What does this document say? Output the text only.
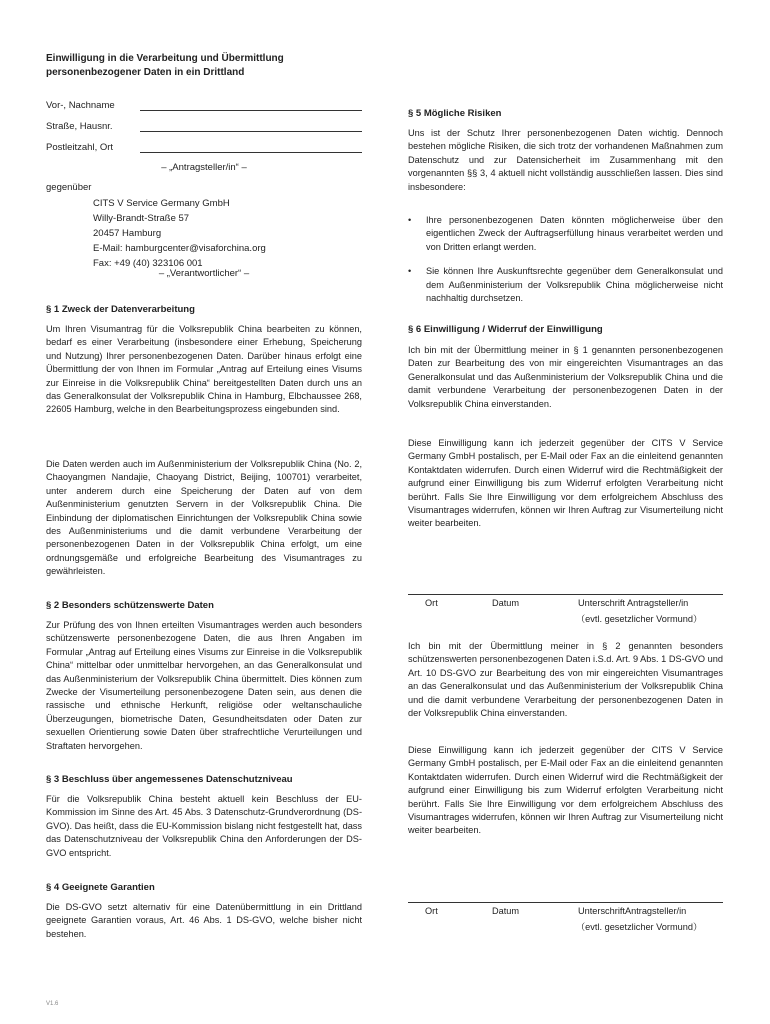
Einwilligung in die Verarbeitung und Übermittlung
personenbezogener Daten in ein Drittland
Vor-, Nachname
Straße, Hausnr.
Postleitzahl, Ort
– „Antragsteller/in“ –
gegenüber
CITS V Service Germany GmbH
Willy-Brandt-Straße 57
20457 Hamburg
E-Mail: hamburgcenter@visaforchina.org
Fax: +49 (40) 323106 001
– „Verantwortlicher“ –
§ 1 Zweck der Datenverarbeitung
Um Ihren Visumantrag für die Volksrepublik China bearbeiten zu können, bedarf es einer Verarbeitung (insbesondere einer Erhebung, Speicherung und Nutzung) Ihrer personenbezogenen Daten. Darüber hinaus erfolgt eine Übermittlung der von Ihnen im Formular „Antrag auf Erteilung eines Visums zur Einreise in die Volksrepublik China“ bereitgestellten Daten durch uns an das Generalkonsulat der Volksrepublik China in Hamburg, Elbchaussee 268, 22605 Hamburg, welche in den Bearbeitungsprozess eingebunden sind.
Die Daten werden auch im Außenministerium der Volksrepublik China (No. 2, Chaoyangmen Nandajie, Chaoyang District, Beijing, 100701) verarbeitet, unter anderem durch eine Speicherung der Daten auf von dem Außenministerium genutzten Servern in der Volksrepublik China. Die Einbindung der diplomatischen Einrichtungen der Volksrepublik China sowie des Außenministeriums und die damit verbundene Verarbeitung der personenbezogenen Daten in der Volksrepublik China erfolgt, um eine ordnungsgemäße und erfolgreiche Bearbeitung des Visumantrages zu gewährleisten.
§ 2 Besonders schützenswerte Daten
Zur Prüfung des von Ihnen erteilten Visumantrages werden auch besonders schützenswerte personenbezogene Daten, die aus Ihren Angaben im Formular „Antrag auf Erteilung eines Visums zur Einreise in die Volksrepublik China“ mittelbar oder unmittelbar hervorgehen, an das Generalkonsulat und das Außenministerium der Volksrepublik China übermittelt. Dies können zum Zwecke der Visumerteilung personenbezogene Daten sein, aus denen die rassische und ethnische Herkunft, religiöse oder weltanschauliche Überzeugungen, biometrische Daten, Gesundheitsdaten oder Daten zur sexuellen Orientierung sowie Daten über strafrechtliche Verurteilungen und Straftaten hervorgehen.
§ 3 Beschluss über angemessenes Datenschutzniveau
Für die Volksrepublik China besteht aktuell kein Beschluss der EU-Kommission im Sinne des Art. 45 Abs. 3 Datenschutz-Grundverordnung (DS-GVO). Das heißt, dass die EU-Kommission bislang nicht festgestellt hat, dass das Datenschutzniveau der Volksrepublik China den Anforderungen der DS-GVO entspricht.
§ 4 Geeignete Garantien
Die DS-GVO setzt alternativ für eine Datenübermittlung in ein Drittland geeignete Garantien voraus, Art. 46 Abs. 1 DS-GVO, welche bisher nicht bestehen.
V1.6
§ 5 Mögliche Risiken
Uns ist der Schutz Ihrer personenbezogenen Daten wichtig. Dennoch bestehen mögliche Risiken, die sich trotz der vorhandenen Maßnahmen zum Datenschutz und zur Datensicherheit im Zusammenhang mit den vorgenannten §§ 3, 4 aktuell nicht vollständig ausschließen lassen. Dies sind insbesondere:
• Ihre personenbezogenen Daten könnten möglicherweise über den eigentlichen Zweck der Auftragserfüllung hinaus verarbeitet werden und von Dritten erlangt werden.
• Sie können Ihre Auskunftsrechte gegenüber dem Generalkonsulat und dem Außenministerium der Volksrepublik China möglicherweise nicht nachhaltig durchsetzen.
§ 6 Einwilligung / Widerruf der Einwilligung
Ich bin mit der Übermittlung meiner in § 1 genannten personenbezogenen Daten zur Bearbeitung des von mir eingereichten Visumantrages an das Generalkonsulat und das Außenministerium der Volksrepublik China und die damit verbundene Verarbeitung der personenbezogenen Daten in der Volksrepublik China einverstanden.
Diese Einwilligung kann ich jederzeit gegenüber der CITS V Service Germany GmbH postalisch, per E-Mail oder Fax an die einleitend genannten Kontaktdaten widerrufen. Durch einen Widerruf wird die Rechtmäßigkeit der aufgrund einer Einwilligung bis zum Widerruf erfolgten Verarbeitung nicht berührt. Falls Sie Ihre Einwilligung vor dem erfolgreichem Abschluss des Visumantrages widerrufen, können wir Ihren Auftrag zur Visumerteilung nicht weiter bearbeiten.
Ort	Datum	Unterschrift Antragsteller/in
（evtl. gesetzlicher Vormund）
Ich bin mit der Übermittlung meiner in § 2 genannten besonders schützenswerten personenbezogenen Daten i.S.d. Art. 9 Abs. 1 DS-GVO und Art. 10 DS-GVO zur Bearbeitung des von mir eingereichten Visumantrages an das Generalkonsulat und das Außenministerium der Volksrepublik China und die damit verbundene Verarbeitung der personenbezogenen Daten in der Volksrepublik China einverstanden.
Diese Einwilligung kann ich jederzeit gegenüber der CITS V Service Germany GmbH postalisch, per E-Mail oder Fax an die einleitend genannten Kontaktdaten widerrufen. Durch einen Widerruf wird die Rechtmäßigkeit der aufgrund einer Einwilligung bis zum Widerruf erfolgten Verarbeitung nicht berührt. Falls Sie Ihre Einwilligung vor dem erfolgreichem Abschluss des Visumantrages widerrufen, können wir Ihren Auftrag zur Visumerteilung nicht weiter bearbeiten.
Ort	Datum	UnterschriftAntragsteller/in
（evtl. gesetzlicher Vormund）
